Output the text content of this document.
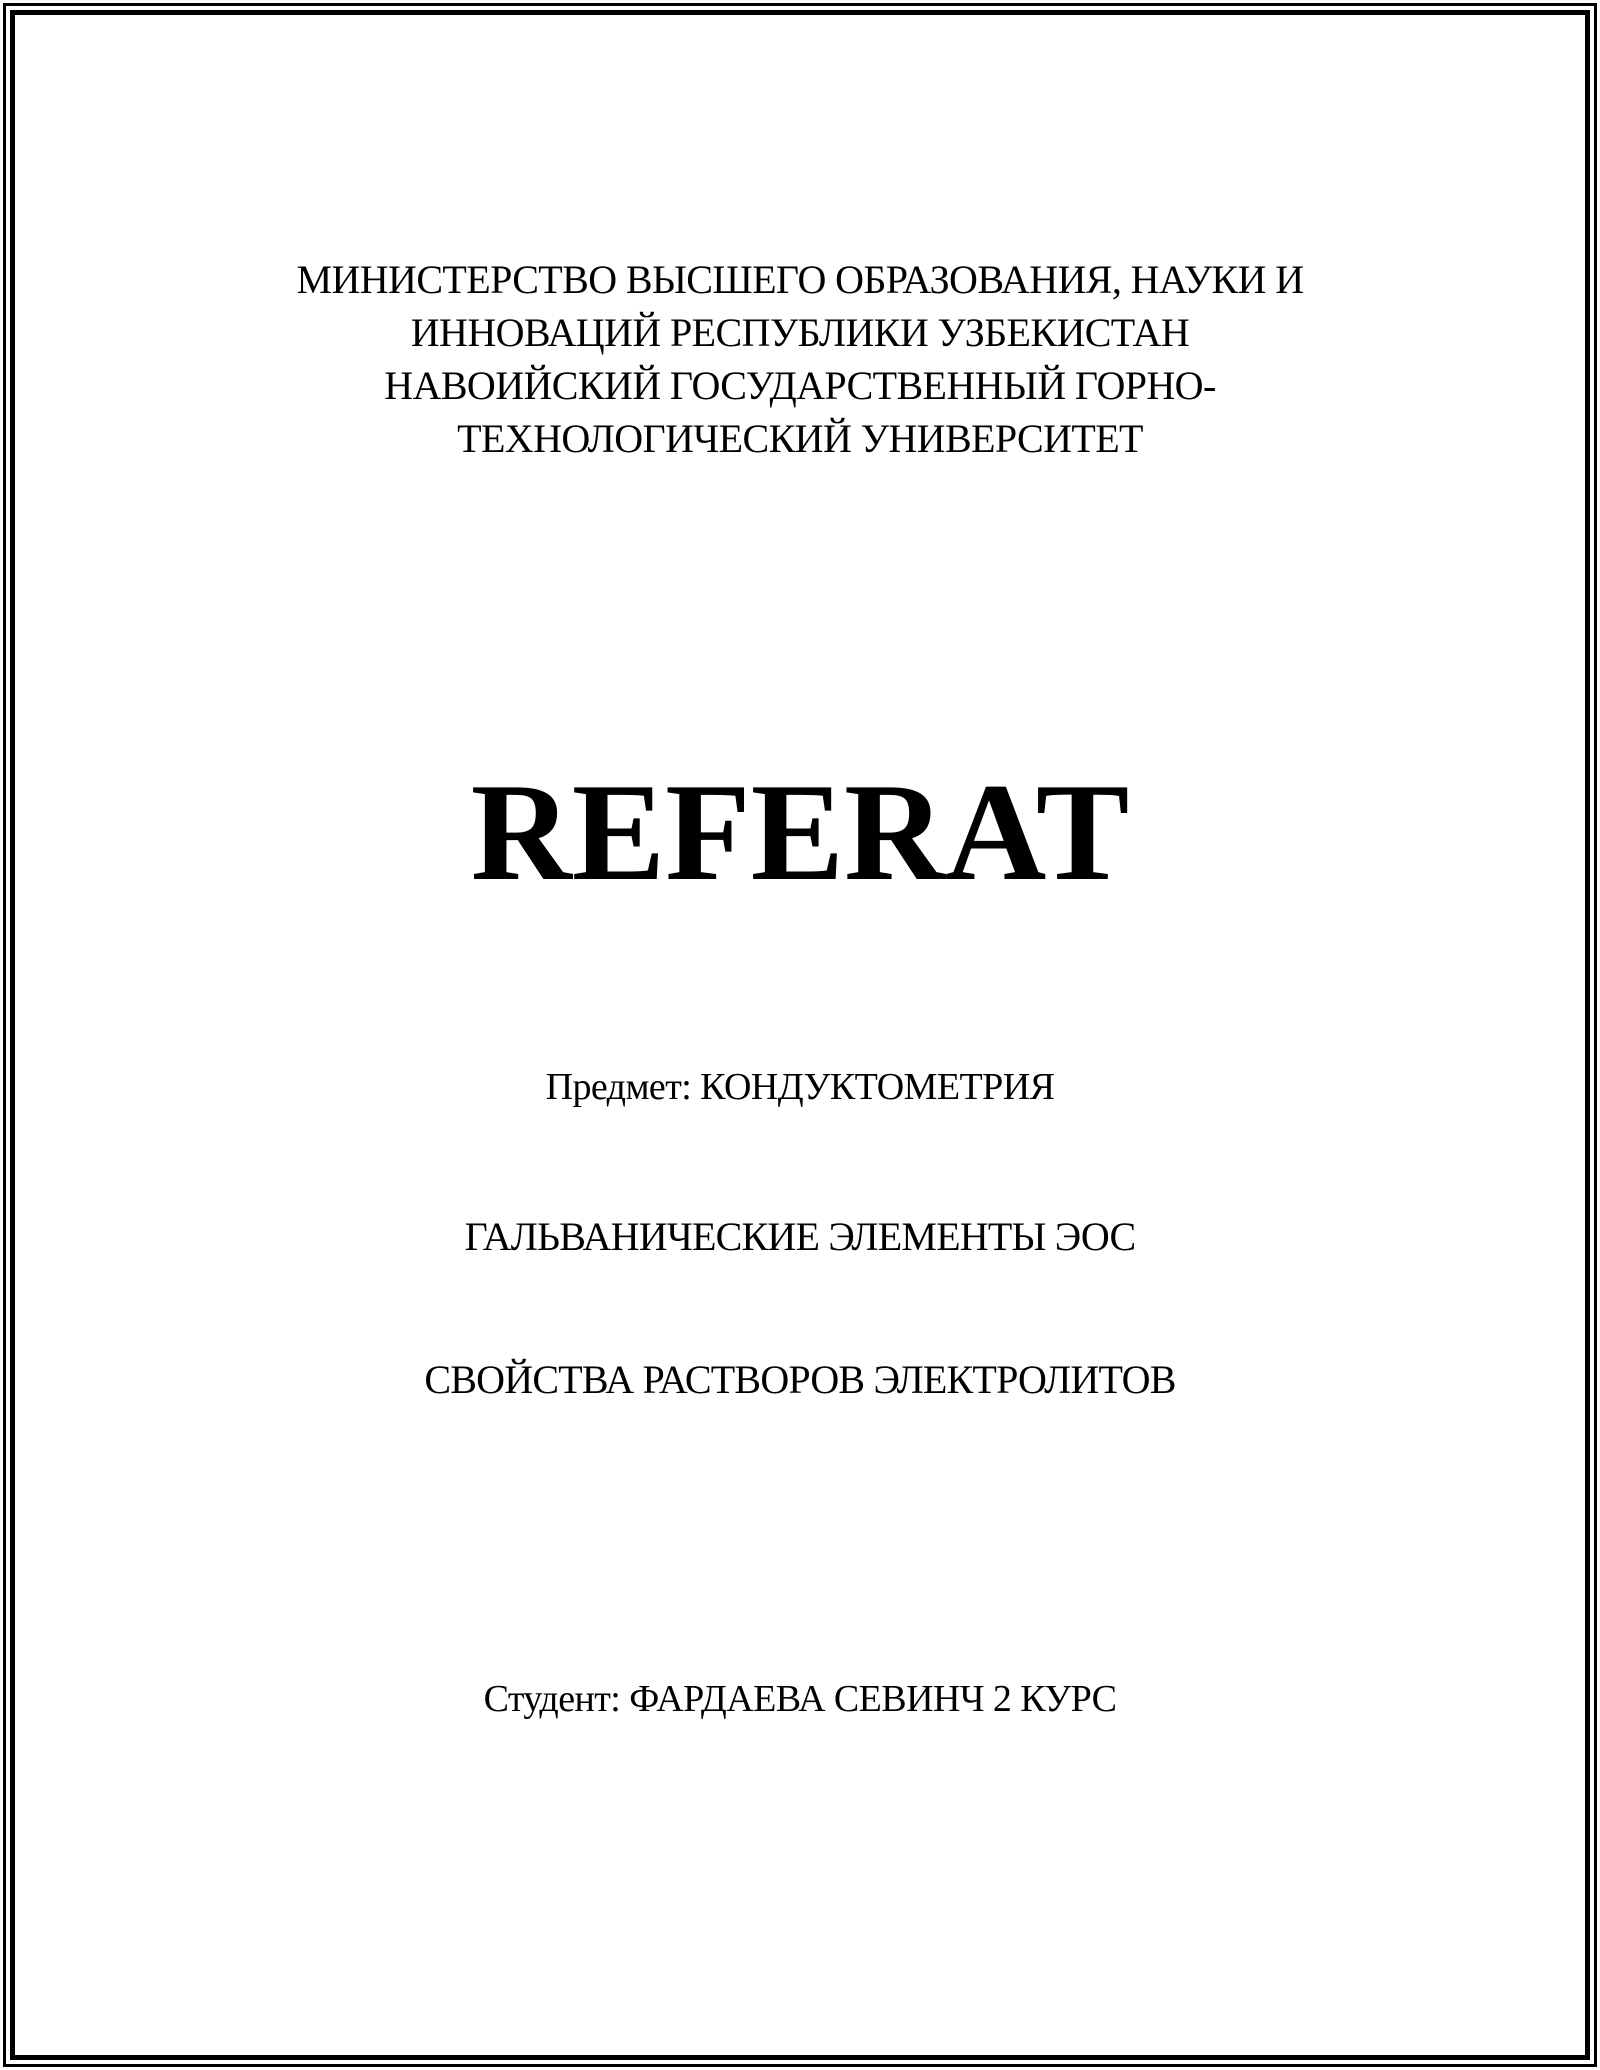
МИНИСТЕРСТВО ВЫСШЕГО ОБРАЗОВАНИЯ, НАУКИ И
ИННОВАЦИЙ РЕСПУБЛИКИ УЗБЕКИСТАН
НАВОИЙСКИЙ ГОСУДАРСТВЕННЫЙ ГОРНО-
ТЕХНОЛОГИЧЕСКИЙ УНИВЕРСИТЕТ
REFERAT
Предмет: КОНДУКТОМЕТРИЯ
ГАЛЬВАНИЧЕСКИЕ ЭЛЕМЕНТЫ ЭОС
СВОЙСТВА РАСТВОРОВ ЭЛЕКТРОЛИТОВ
Студент: ФАРДАЕВА СЕВИНЧ 2 КУРС
